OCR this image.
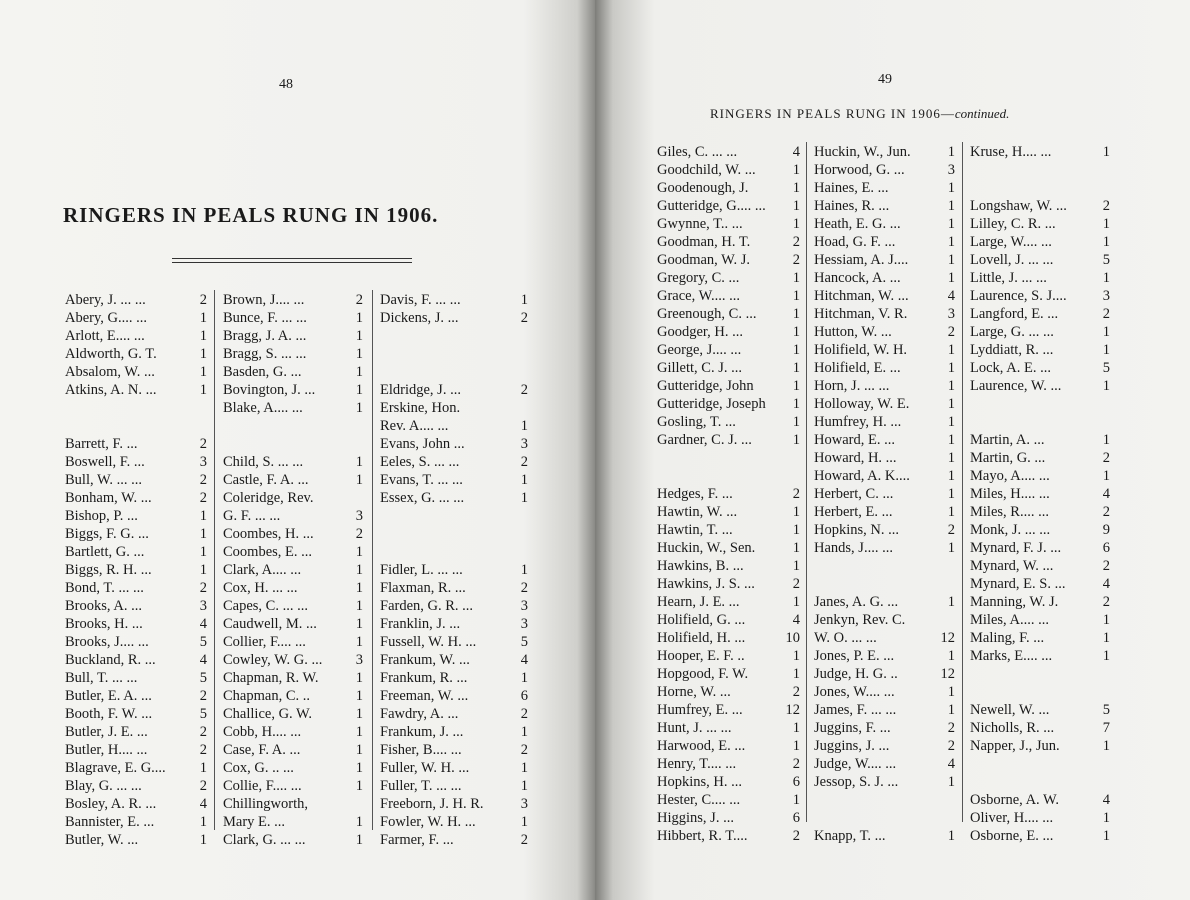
48
RINGERS IN PEALS RUNG IN 1906.
Abery, J. ... ...	2
Abery, G.... ...	1
Arlott, E.... ...	1
Aldworth, G. T.	1
Absalom, W. ...	1
Atkins, A. N. ...	1
Barrett, F. ...	2
Boswell, F. ...	3
Bull, W. ... ...	2
Bonham, W. ...	2
Bishop, P. ...	1
Biggs, F. G. ...	1
Bartlett, G. ...	1
Biggs, R. H. ...	1
Bond, T. ... ...	2
Brooks, A. ...	3
Brooks, H. ...	4
Brooks, J.... ...	5
Buckland, R. ...	4
Bull, T. ... ...	5
Butler, E. A. ...	2
Booth, F. W. ...	5
Butler, J. E. ...	2
Butler, H.... ...	2
Blagrave, E. G.... 1
Blay, G. ... ...	2
Bosley, A. R. ...	4
Bannister, E. ...	1
Butler, W. ...	1
Brown, J.... ...	2
Bunce, F. ... ...	1
Bragg, J. A. ...	1
Bragg, S. ... ...	1
Basden, G. ...	1
Bovington, J. ...	1
Blake, A.... ...	1
Child, S. ... ...	1
Castle, F. A. ...	1
Coleridge, Rev.
G. F. ... ...	3
Coombes, H. ...	2
Coombes, E. ...	1
Clark, A.... ...	1
Cox, H. ... ...	1
Capes, C. ... ...	1
Caudwell, M. ...	1
Collier, F.... ...	1
Cowley, W. G. ... 3
Chapman, R. W.	1
Chapman, C. ..	1
Challice, G. W.	1
Cobb, H.... ...	1
Case, F. A. ...	1
Cox, G. .. ...	1
Collie, F.... ...	1
Chillingworth,
Mary E. ...	1
Clark, G. ... ...	1
Davis, F. ... ...	1
Dickens, J. ...	2
Eldridge, J. ...	2
Erskine, Hon.
Rev. A.... ...	1
Evans, John ...	3
Eeles, S. ... ...	2
Evans, T. ... ...	1
Essex, G. ... ...	1
Fidler, L. ... ...	1
Flaxman, R. ...	2
Farden, G. R. ...	3
Franklin, J. ...	3
Fussell, W. H. ...	5
Frankum, W. ...	4
Frankum, R. ...	1
Freeman, W. ...	6
Fawdry, A. ...	2
Frankum, J. ...	1
Fisher, B.... ...	2
Fuller, W. H. ...	1
Fuller, T. ... ...	1
Freeborn, J. H. R.	3
Fowler, W. H. ...	1
Farmer, F. ...	2
49
RINGERS IN PEALS RUNG IN 1906—continued.
Giles, C. ... ...	4
Goodchild, W. ...	1
Goodenough, J.	1
Gutteridge, G.... ... 1
Gwynne, T.. ...	1
Goodman, H. T.	2
Goodman, W. J.	2
Gregory, C. ...	1
Grace, W.... ...	1
Greenough, C. ...	1
Goodger, H. ...	1
George, J.... ...	1
Gillett, C. J. ...	1
Gutteridge, John	1
Gutteridge, Joseph 1
Gosling, T. ...	1
Gardner, C. J. ...	1
Hedges, F. ...	2
Hawtin, W. ...	1
Hawtin, T. ...	1
Huckin, W., Sen.	1
Hawkins, B. ...	1
Hawkins, J. S. ...	2
Hearn, J. E. ...	1
Holifield, G. ...	4
Holifield, H. ...	10
Hooper, E. F. ..	1
Hopgood, F. W.	1
Horne, W. ...	2
Humfrey, E. ...	12
Hunt, J. ... ...	1
Harwood, E. ...	1
Henry, T.... ...	2
Hopkins, H. ...	6
Hester, C.... ...	1
Higgins, J. ...	6
Hibbert, R. T....	2
Huckin, W., Jun.	1
Horwood, G. ...	3
Haines, E. ...	1
Haines, R. ...	1
Heath, E. G. ...	1
Hoad, G. F. ...	1
Hessiam, A. J....	1
Hancock, A. ...	1
Hitchman, W. ...	4
Hitchman, V. R.	3
Hutton, W. ...	2
Holifield, W. H.	1
Holifield, E. ...	1
Horn, J. ... ...	1
Holloway, W. E.	1
Humfrey, H. ...	1
Howard, E. ...	1
Howard, H. ...	1
Howard, A. K....	1
Herbert, C. ...	1
Herbert, E. ...	1
Hopkins, N. ...	2
Hands, J.... ...	1
Janes, A. G. ...	1
Jenkyn, Rev. C.
W. O. ... ...	12
Jones, P. E. ...	1
Judge, H. G. ..	12
Jones, W.... ...	1
James, F. ... ...	1
Juggins, F. ...	2
Juggins, J. ...	2
Judge, W.... ...	4
Jessop, S. J. ...	1
Knapp, T. ...	1
Kruse, H.... ...	1
Longshaw, W. ... 2
Lilley, C. R. ...	1
Large, W.... ...	1
Lovell, J. ... ...	5
Little, J. ... ...	1
Laurence, S. J.... 3
Langford, E. ...	2
Large, G. ... ...	1
Lyddiatt, R. ...	1
Lock, A. E. ...	5
Laurence, W. ...	1
Martin, A. ...	1
Martin, G. ...	2
Mayo, A.... ...	1
Miles, H.... ...	4
Miles, R.... ...	2
Monk, J. ... ...	9
Mynard, F. J. ...	6
Mynard, W. ...	2
Mynard, E. S. ...	4
Manning, W. J.	2
Miles, A.... ...	1
Maling, F. ...	1
Marks, E.... ...	1
Newell, W. ...	5
Nicholls, R. ...	7
Napper, J., Jun.	1
Osborne, A. W.	4
Oliver, H.... ...	1
Osborne, E. ...	1
